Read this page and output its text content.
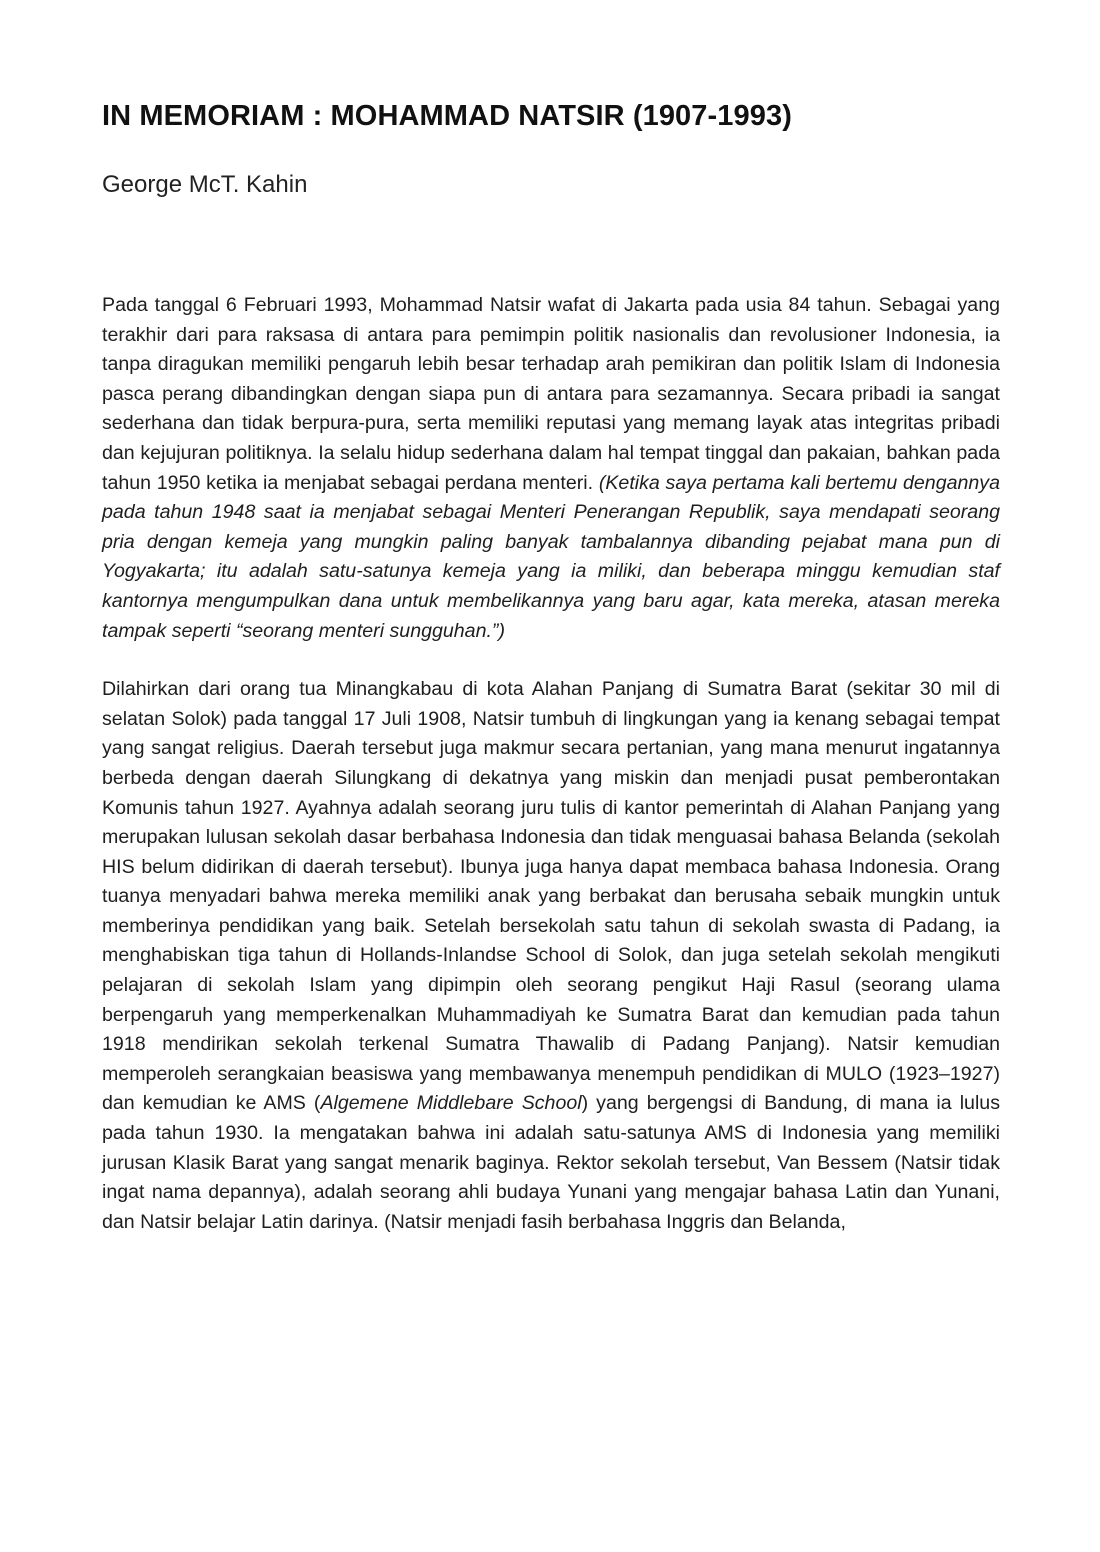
IN MEMORIAM : MOHAMMAD NATSIR (1907-1993)

George McT. Kahin

Pada tanggal 6 Februari 1993, Mohammad Natsir wafat di Jakarta pada usia 84 tahun. Sebagai yang terakhir dari para raksasa di antara para pemimpin politik nasionalis dan revolusioner Indonesia, ia tanpa diragukan memiliki pengaruh lebih besar terhadap arah pemikiran dan politik Islam di Indonesia pasca perang dibandingkan dengan siapa pun di antara para sezamannya. Secara pribadi ia sangat sederhana dan tidak berpura-pura, serta memiliki reputasi yang memang layak atas integritas pribadi dan kejujuran politiknya. Ia selalu hidup sederhana dalam hal tempat tinggal dan pakaian, bahkan pada tahun 1950 ketika ia menjabat sebagai perdana menteri. (Ketika saya pertama kali bertemu dengannya pada tahun 1948 saat ia menjabat sebagai Menteri Penerangan Republik, saya mendapati seorang pria dengan kemeja yang mungkin paling banyak tambalannya dibanding pejabat mana pun di Yogyakarta; itu adalah satu-satunya kemeja yang ia miliki, dan beberapa minggu kemudian staf kantornya mengumpulkan dana untuk membelikannya yang baru agar, kata mereka, atasan mereka tampak seperti “seorang menteri sungguhan.”)

Dilahirkan dari orang tua Minangkabau di kota Alahan Panjang di Sumatra Barat (sekitar 30 mil di selatan Solok) pada tanggal 17 Juli 1908, Natsir tumbuh di lingkungan yang ia kenang sebagai tempat yang sangat religius. Daerah tersebut juga makmur secara pertanian, yang mana menurut ingatannya berbeda dengan daerah Silungkang di dekatnya yang miskin dan menjadi pusat pemberontakan Komunis tahun 1927. Ayahnya adalah seorang juru tulis di kantor pemerintah di Alahan Panjang yang merupakan lulusan sekolah dasar berbahasa Indonesia dan tidak menguasai bahasa Belanda (sekolah HIS belum didirikan di daerah tersebut). Ibunya juga hanya dapat membaca bahasa Indonesia. Orang tuanya menyadari bahwa mereka memiliki anak yang berbakat dan berusaha sebaik mungkin untuk memberinya pendidikan yang baik. Setelah bersekolah satu tahun di sekolah swasta di Padang, ia menghabiskan tiga tahun di Hollands-Inlandse School di Solok, dan juga setelah sekolah mengikuti pelajaran di sekolah Islam yang dipimpin oleh seorang pengikut Haji Rasul (seorang ulama berpengaruh yang memperkenalkan Muhammadiyah ke Sumatra Barat dan kemudian pada tahun 1918 mendirikan sekolah terkenal Sumatra Thawalib di Padang Panjang). Natsir kemudian memperoleh serangkaian beasiswa yang membawanya menempuh pendidikan di MULO (1923–1927) dan kemudian ke AMS (Algemene Middlebare School) yang bergengsi di Bandung, di mana ia lulus pada tahun 1930. Ia mengatakan bahwa ini adalah satu-satunya AMS di Indonesia yang memiliki jurusan Klasik Barat yang sangat menarik baginya. Rektor sekolah tersebut, Van Bessem (Natsir tidak ingat nama depannya), adalah seorang ahli budaya Yunani yang mengajar bahasa Latin dan Yunani, dan Natsir belajar Latin darinya. (Natsir menjadi fasih berbahasa Inggris dan Belanda,
